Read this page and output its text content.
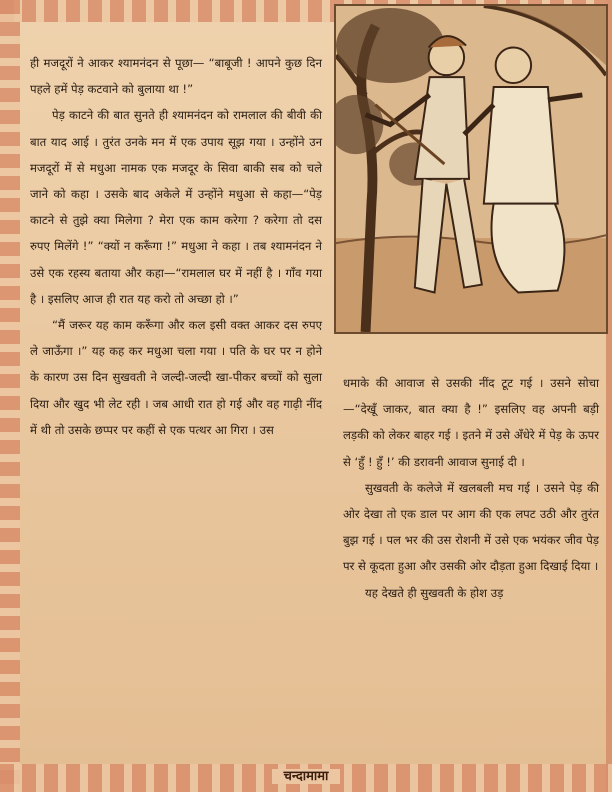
ही मजदूरों ने आकर श्यामनंदन से पूछा— “बाबूजी ! आपने कुछ दिन पहले हमें पेड़ कटवाने को बुलाया था !”

पेड़ काटने की बात सुनते ही श्यामनंदन को रामलाल की बीवी की बात याद आई । तुरंत उनके मन में एक उपाय सूझ गया । उन्होंने उन मजदूरों में से मधुआ नामक एक मजदूर के सिवा बाकी सब को चले जाने को कहा । उसके बाद अकेले में उन्होंने मधुआ से कहा—“पेड़ काटने से तुझे क्या मिलेगा ? मेरा एक काम करेगा ? करेगा तो दस रुपए मिलेंगे !” “क्यों न करूँगा !” मधुआ ने कहा । तब श्यामनंदन ने उसे एक रहस्य बताया और कहा—“रामलाल घर में नहीं है । गाँव गया है । इसलिए आज ही रात यह करो तो अच्छा हो ।”

“मैं जरूर यह काम करूँगा और कल इसी वक्त आकर दस रुपए ले जाऊँगा ।” यह कह कर मधुआ चला गया । पति के घर पर न होने के कारण उस दिन सुखवती ने जल्दी-जल्दी खा-पीकर बच्चों को सुला दिया और खुद भी लेट रही । जब आधी रात हो गई और वह गाढ़ी नींद में थी तो उसके छप्पर पर कहीं से एक पत्थर आ गिरा । उस

धमाके की आवाज से उसकी नींद टूट गई । उसने सोचा—“देखूँ जाकर, बात क्या है !” इसलिए वह अपनी बड़ी लड़की को लेकर बाहर गई । इतने में उसे अँधेरे में पेड़ के ऊपर से ‘हुँ ! हुँ !’ की डरावनी आवाज सुनाई दी ।

सुखवती के कलेजे में खलबली मच गई । उसने पेड़ की ओर देखा तो एक डाल पर आग की एक लपट उठी और तुरंत बुझ गई । पल भर की उस रोशनी में उसे एक भयंकर जीव पेड़ पर से कूदता हुआ और उसकी ओर दौड़ता हुआ दिखाई दिया ।

यह देखते ही सुखवती के होश उड़

चन्दामामा
